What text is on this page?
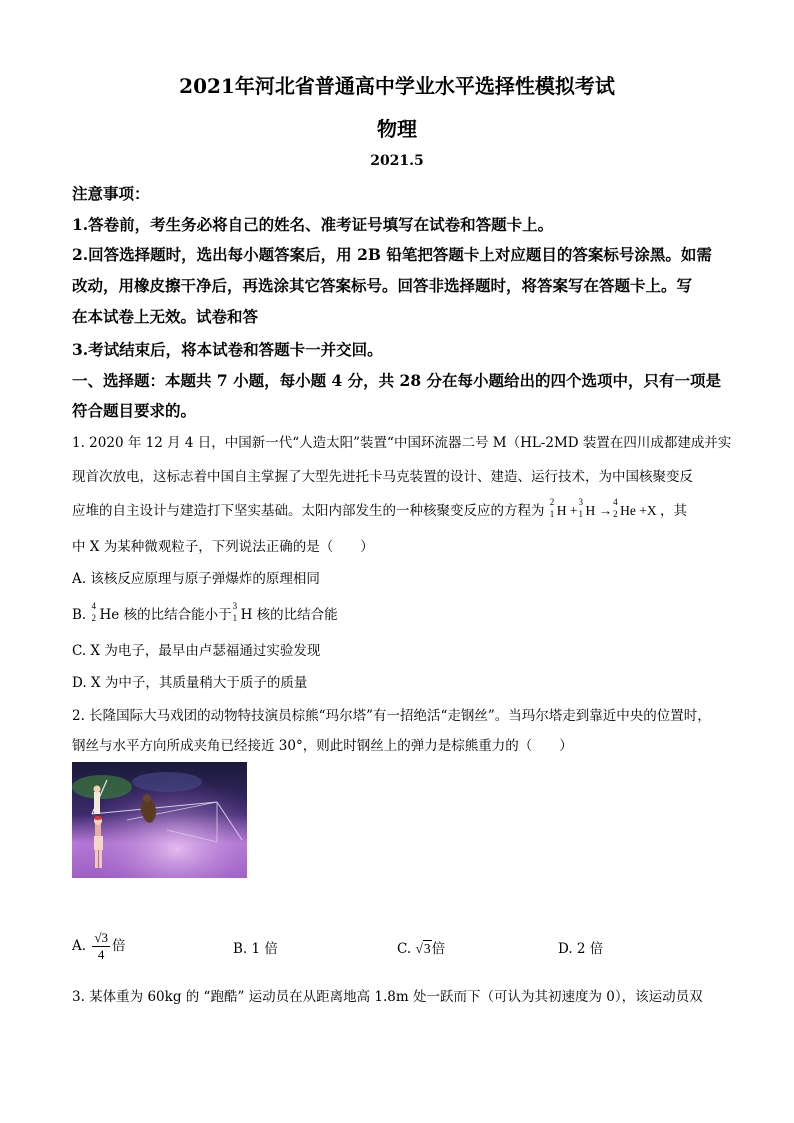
2021年河北省普通高中学业水平选择性模拟考试
物理
2021.5
注意事项：
1.答卷前，考生务必将自己的姓名、准考证号填写在试卷和答题卡上。
2.回答选择题时，选出每小题答案后，用 2B 铅笔把答题卡上对应题目的答案标号涂黑。如需
改动，用橡皮擦干净后，再选涂其它答案标号。回答非选择题时，将答案写在答题卡上。写
在本试卷上无效。试卷和答
3.考试结束后，将本试卷和答题卡一并交回。
一、选择题：本题共 7 小题，每小题 4 分，共 28 分在每小题给出的四个选项中，只有一项是
符合题目要求的。
1. 2020 年 12 月 4 日，中国新一代“人造太阳”装置“中国环流器二号 M（HL-2MD 装置在四川成都建成并实
现首次放电，这标志着中国自主掌握了大型先进托卡马克装置的设计、建造、运行技术，为中国核聚变反
应堆的自主设计与建造打下坚实基础。太阳内部发生的一种核聚变反应的方程为
2
1 H +
3
1 H →
4
2 He +X ，其
中 X 为某种微观粒子，下列说法正确的是（　　）
A. 该核反应原理与原子弹爆炸的原理相同
B.
4
2 He 核的比结合能小于
3
1 H 核的比结合能
C. X 为电子，最早由卢瑟福通过实验发现
D. X 为中子，其质量稍大于质子的质量
2. 长隆国际大马戏团的动物特技演员棕熊“玛尔塔”有一招绝活“走钢丝”。当玛尔塔走到靠近中央的位置时，
钢丝与水平方向所成夹角已经接近 30°，则此时钢丝上的弹力是棕熊重力的（　　）
A. $\frac{√3}{4}$ 倍	B. 1 倍	C. √3倍	D. 2 倍
3. 某体重为 60kg 的 “跑酷” 运动员在从距离地高 1.8m 处一跃而下（可认为其初速度为 0），该运动员双
